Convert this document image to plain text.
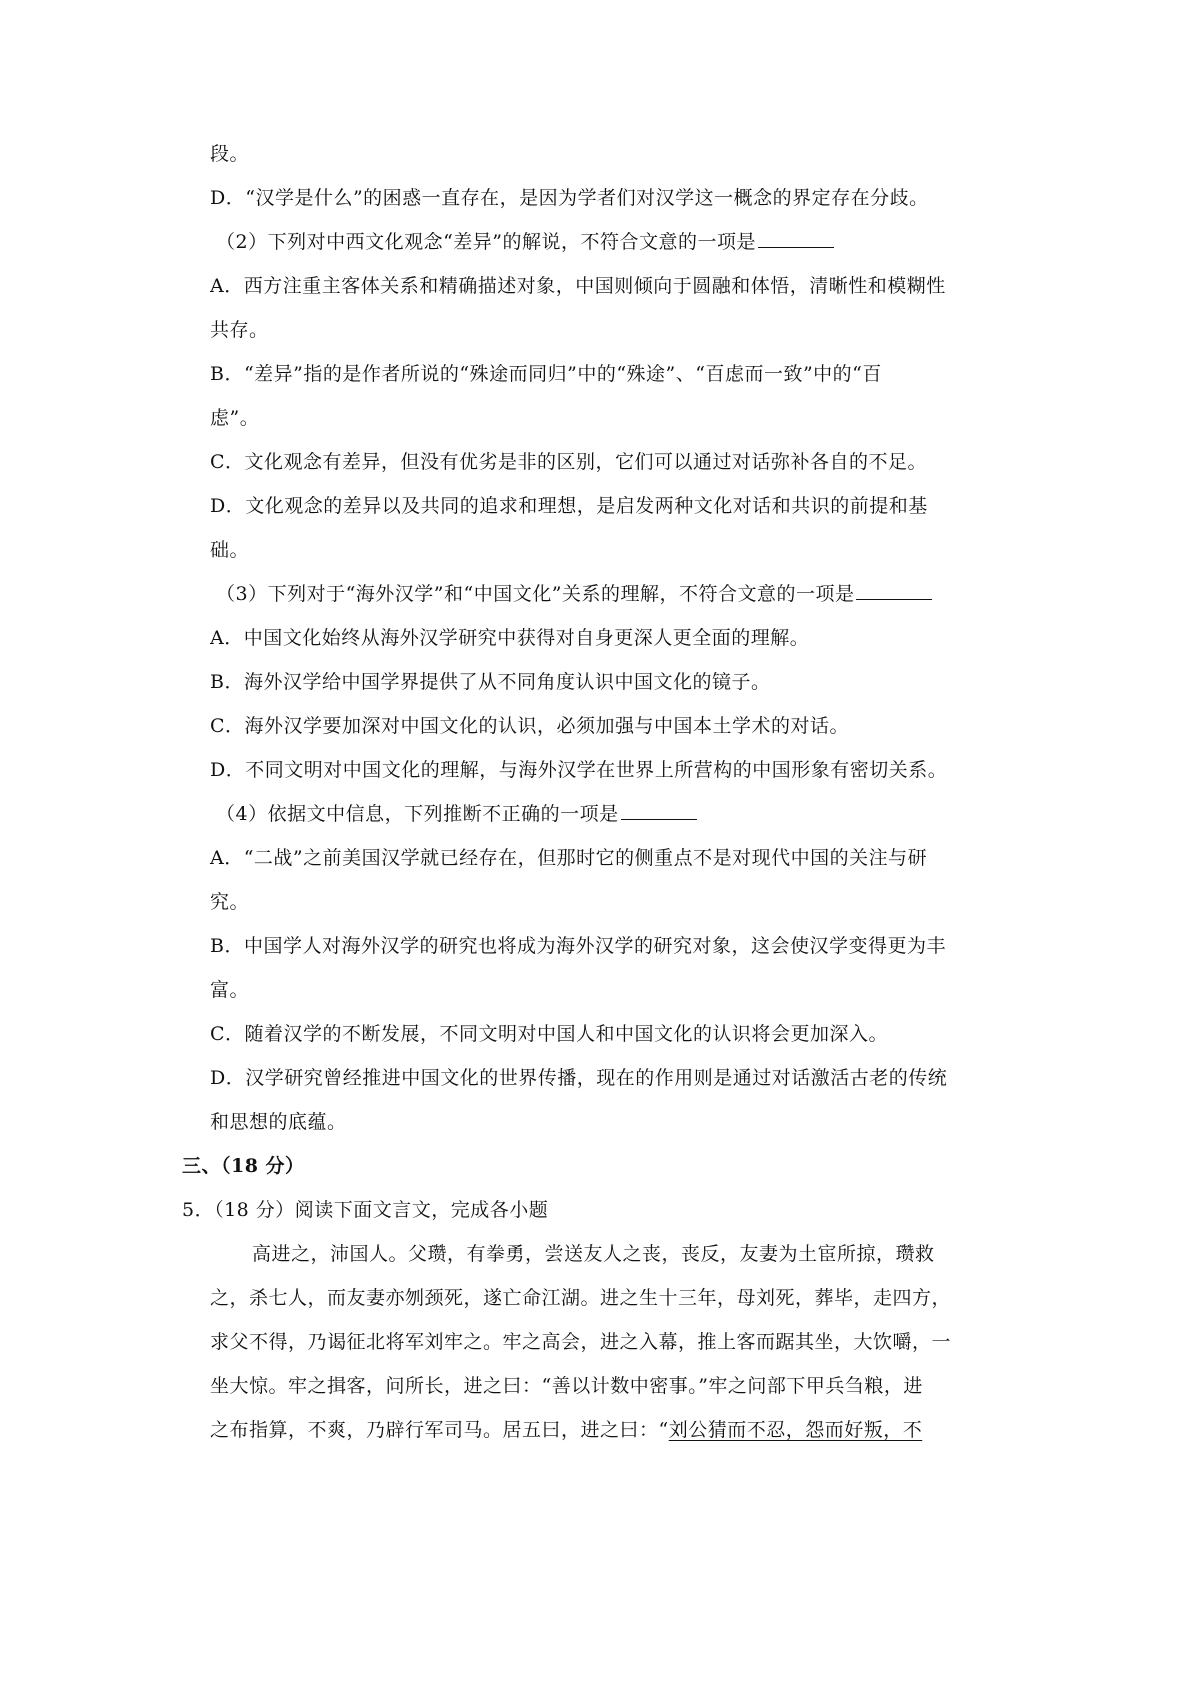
段。
D．“汉学是什么”的困惑一直存在，是因为学者们对汉学这一概念的界定存在分歧。
（2）下列对中西文化观念“差异”的解说，不符合文意的一项是
A．西方注重主客体关系和精确描述对象，中国则倾向于圆融和体悟，清晰性和模糊性
共存。
B．“差异”指的是作者所说的“殊途而同归”中的“殊途”、“百虑而一致”中的“百
虑”。
C．文化观念有差异，但没有优劣是非的区别，它们可以通过对话弥补各自的不足。
D．文化观念的差异以及共同的追求和理想，是启发两种文化对话和共识的前提和基
础。
（3）下列对于“海外汉学”和“中国文化”关系的理解，不符合文意的一项是
A．中国文化始终从海外汉学研究中获得对自身更深人更全面的理解。
B．海外汉学给中国学界提供了从不同角度认识中国文化的镜子。
C．海外汉学要加深对中国文化的认识，必须加强与中国本土学术的对话。
D．不同文明对中国文化的理解，与海外汉学在世界上所营构的中国形象有密切关系。
（4）依据文中信息，下列推断不正确的一项是
A．“二战”之前美国汉学就已经存在，但那时它的侧重点不是对现代中国的关注与研
究。
B．中国学人对海外汉学的研究也将成为海外汉学的研究对象，这会使汉学变得更为丰
富。
C．随着汉学的不断发展，不同文明对中国人和中国文化的认识将会更加深入。
D．汉学研究曾经推进中国文化的世界传播，现在的作用则是通过对话激活古老的传统
和思想的底蕴。
三、（18 分）
5．（18 分）阅读下面文言文，完成各小题
高进之，沛国人。父瓒，有拳勇，尝送友人之丧，丧反，友妻为土宦所掠，瓒救
之，杀七人，而友妻亦刎颈死，遂亡命江湖。进之生十三年，母刘死，葬毕，走四方，
求父不得，乃谒征北将军刘牢之。牢之高会，进之入幕，推上客而踞其坐，大饮嚼，一
坐大惊。牢之揖客，问所长，进之曰：“善以计数中密事。”牢之问部下甲兵刍粮，进
之布指算，不爽，乃辟行军司马。居五曰，进之曰：“刘公猜而不忍，怨而好叛，不
